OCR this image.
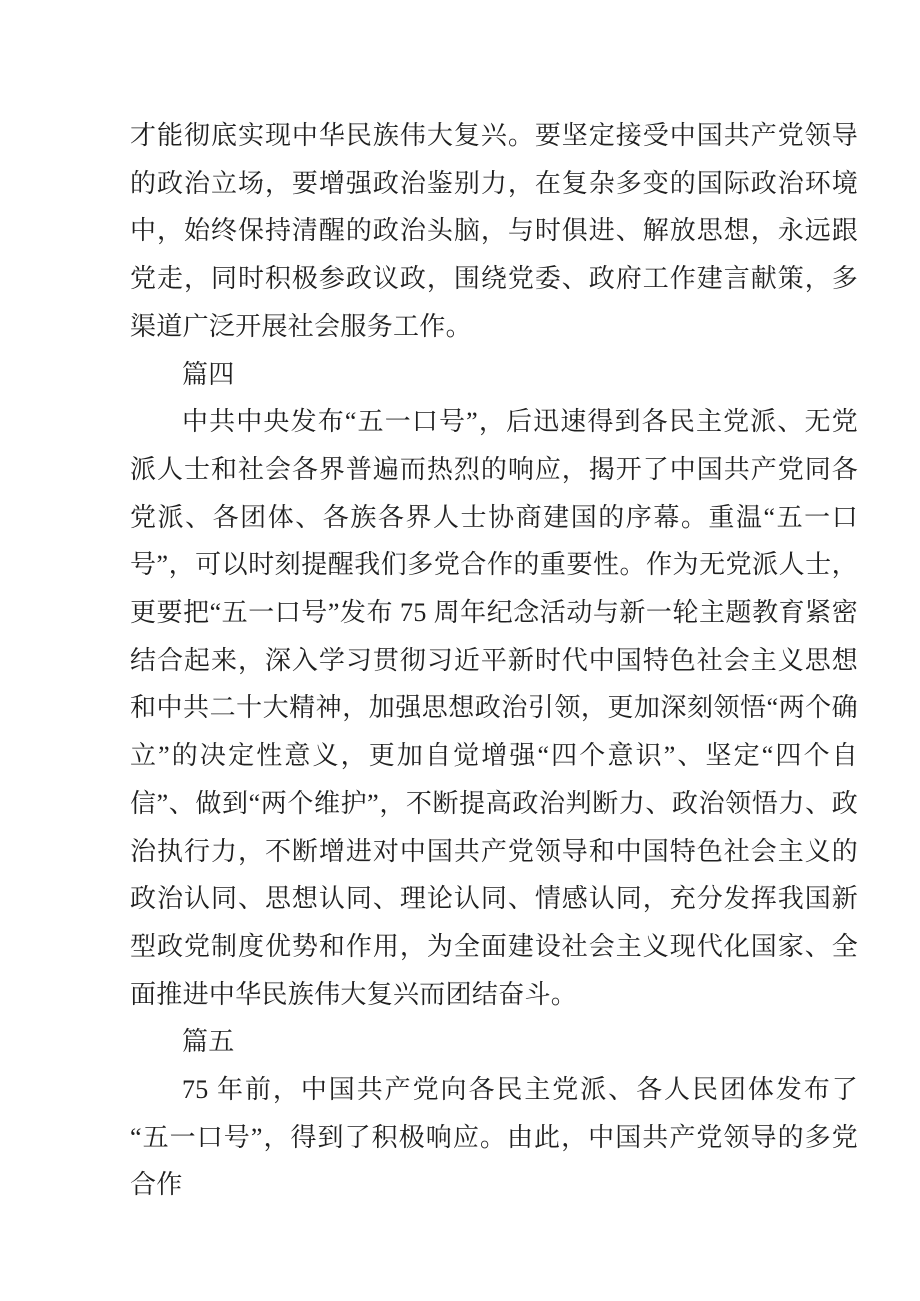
才能彻底实现中华民族伟大复兴。要坚定接受中国共产党领导的政治立场，要增强政治鉴别力，在复杂多变的国际政治环境中，始终保持清醒的政治头脑，与时俱进、解放思想，永远跟党走，同时积极参政议政，围绕党委、政府工作建言献策，多渠道广泛开展社会服务工作。

篇四

中共中央发布“五一口号”，后迅速得到各民主党派、无党派人士和社会各界普遍而热烈的响应，揭开了中国共产党同各党派、各团体、各族各界人士协商建国的序幕。重温“五一口号”，可以时刻提醒我们多党合作的重要性。作为无党派人士，更要把“五一口号”发布 75 周年纪念活动与新一轮主题教育紧密结合起来，深入学习贯彻习近平新时代中国特色社会主义思想和中共二十大精神，加强思想政治引领，更加深刻领悟“两个确立”的决定性意义，更加自觉增强“四个意识”、坚定“四个自信”、做到“两个维护”，不断提高政治判断力、政治领悟力、政治执行力，不断增进对中国共产党领导和中国特色社会主义的政治认同、思想认同、理论认同、情感认同，充分发挥我国新型政党制度优势和作用，为全面建设社会主义现代化国家、全面推进中华民族伟大复兴而团结奋斗。

篇五

75 年前，中国共产党向各民主党派、各人民团体发布了“五一口号”，得到了积极响应。由此，中国共产党领导的多党合作
